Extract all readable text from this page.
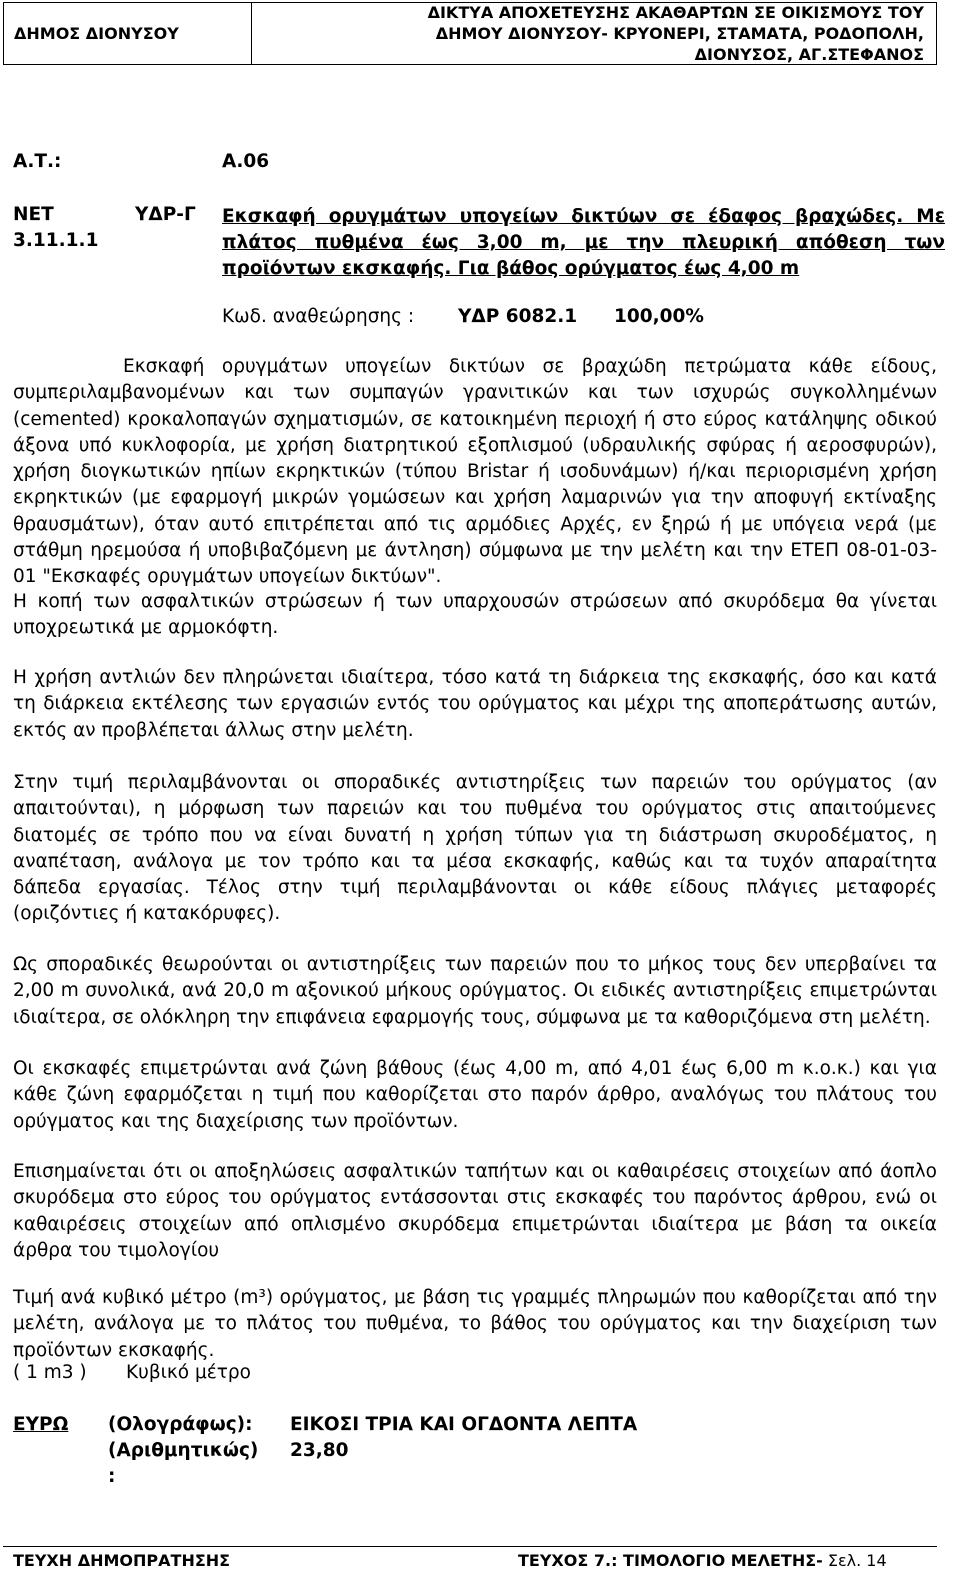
ΔΗΜΟΣ ΔΙΟΝΥΣΟΥ
ΔΙΚΤΥΑ ΑΠΟΧΕΤΕΥΣΗΣ ΑΚΑΘΑΡΤΩΝ ΣΕ ΟΙΚΙΣΜΟΥΣ ΤΟΥ
ΔΗΜΟΥ ΔΙΟΝΥΣΟΥ- ΚΡΥΟΝΕΡΙ, ΣΤΑΜΑΤΑ, ΡΟΔΟΠΟΛΗ,
ΔΙΟΝΥΣΟΣ, ΑΓ.ΣΤΕΦΑΝΟΣ
Α.Τ.:	Α.06
ΝΕΤ
3.11.1.1
ΥΔΡ-Γ Εκσκαφή ορυγμάτων υπογείων δικτύων σε έδαφος βραχώδες. Με πλάτος πυθμένα έως 3,00 m, με την πλευρική απόθεση των προϊόντων εκσκαφής. Για βάθος ορύγματος έως 4,00 m
Κωδ. αναθεώρησης : ΥΔΡ 6082.1 100,00%
Εκσκαφή ορυγμάτων υπογείων δικτύων σε βραχώδη πετρώματα κάθε είδους, συμπεριλαμβανομένων και των συμπαγών γρανιτικών και των ισχυρώς συγκολλημένων (cemented) κροκαλοπαγών σχηματισμών, σε κατοικημένη περιοχή ή στο εύρος κατάληψης οδικού άξονα υπό κυκλοφορία, με χρήση διατρητικού εξοπλισμού (υδραυλικής σφύρας ή αεροσφυρών), χρήση διογκωτικών ηπίων εκρηκτικών (τύπου Bristar ή ισοδυνάμων) ή/και περιορισμένη χρήση εκρηκτικών (με εφαρμογή μικρών γομώσεων και χρήση λαμαρινών για την αποφυγή εκτίναξης θραυσμάτων), όταν αυτό επιτρέπεται από τις αρμόδιες Αρχές, εν ξηρώ ή με υπόγεια νερά (με στάθμη ηρεμούσα ή υποβιβαζόμενη με άντληση) σύμφωνα με την μελέτη και την ΕΤΕΠ 08-01-03-01 "Εκσκαφές ορυγμάτων υπογείων δικτύων".
Η κοπή των ασφαλτικών στρώσεων ή των υπαρχουσών στρώσεων από σκυρόδεμα θα γίνεται υποχρεωτικά με αρμοκόφτη.
Η χρήση αντλιών δεν πληρώνεται ιδιαίτερα, τόσο κατά τη διάρκεια της εκσκαφής, όσο και κατά τη διάρκεια εκτέλεσης των εργασιών εντός του ορύγματος και μέχρι της αποπεράτωσης αυτών, εκτός αν προβλέπεται άλλως στην μελέτη.
Στην τιμή περιλαμβάνονται οι σποραδικές αντιστηρίξεις των παρειών του ορύγματος (αν απαιτούνται), η μόρφωση των παρειών και του πυθμένα του ορύγματος στις απαιτούμενες διατομές σε τρόπο που να είναι δυνατή η χρήση τύπων για τη διάστρωση σκυροδέματος, η αναπέταση, ανάλογα με τον τρόπο και τα μέσα εκσκαφής, καθώς και τα τυχόν απαραίτητα δάπεδα εργασίας. Τέλος στην τιμή περιλαμβάνονται οι κάθε είδους πλάγιες μεταφορές (οριζόντιες ή κατακόρυφες).
Ως σποραδικές θεωρούνται οι αντιστηρίξεις των παρειών που το μήκος τους δεν υπερβαίνει τα 2,00 m συνολικά, ανά 20,0 m αξονικού μήκους ορύγματος. Οι ειδικές αντιστηρίξεις επιμετρώνται ιδιαίτερα, σε ολόκληρη την επιφάνεια εφαρμογής τους, σύμφωνα με τα καθοριζόμενα στη μελέτη.
Οι εκσκαφές επιμετρώνται ανά ζώνη βάθους (έως 4,00 m, από 4,01 έως 6,00 m κ.ο.κ.) και για κάθε ζώνη εφαρμόζεται η τιμή που καθορίζεται στο παρόν άρθρο, αναλόγως του πλάτους του ορύγματος και της διαχείρισης των προϊόντων.
Επισημαίνεται ότι οι αποξηλώσεις ασφαλτικών ταπήτων και οι καθαιρέσεις στοιχείων από άοπλο σκυρόδεμα στο εύρος του ορύγματος εντάσσονται στις εκσκαφές του παρόντος άρθρου, ενώ οι καθαιρέσεις στοιχείων από οπλισμένο σκυρόδεμα επιμετρώνται ιδιαίτερα με βάση τα οικεία άρθρα του τιμολογίου
Τιμή ανά κυβικό μέτρο (m³) ορύγματος, με βάση τις γραμμές πληρωμών που καθορίζεται από την μελέτη, ανάλογα με το πλάτος του πυθμένα, το βάθος του ορύγματος και την διαχείριση των προϊόντων εκσκαφής.
( 1 m3 ) Κυβικό μέτρο
ΕΥΡΩ (Ολογράφως): ΕΙΚΟΣΙ ΤΡΙΑ ΚΑΙ ΟΓΔΟΝΤΑ ΛΕΠΤΑ
(Αριθμητικώς) 23,80
:
ΤΕΥΧΗ ΔΗΜΟΠΡΑΤΗΣΗΣ	ΤΕΥΧΟΣ 7.: ΤΙΜΟΛΟΓΙΟ ΜΕΛΕΤΗΣ- Σελ. 14
